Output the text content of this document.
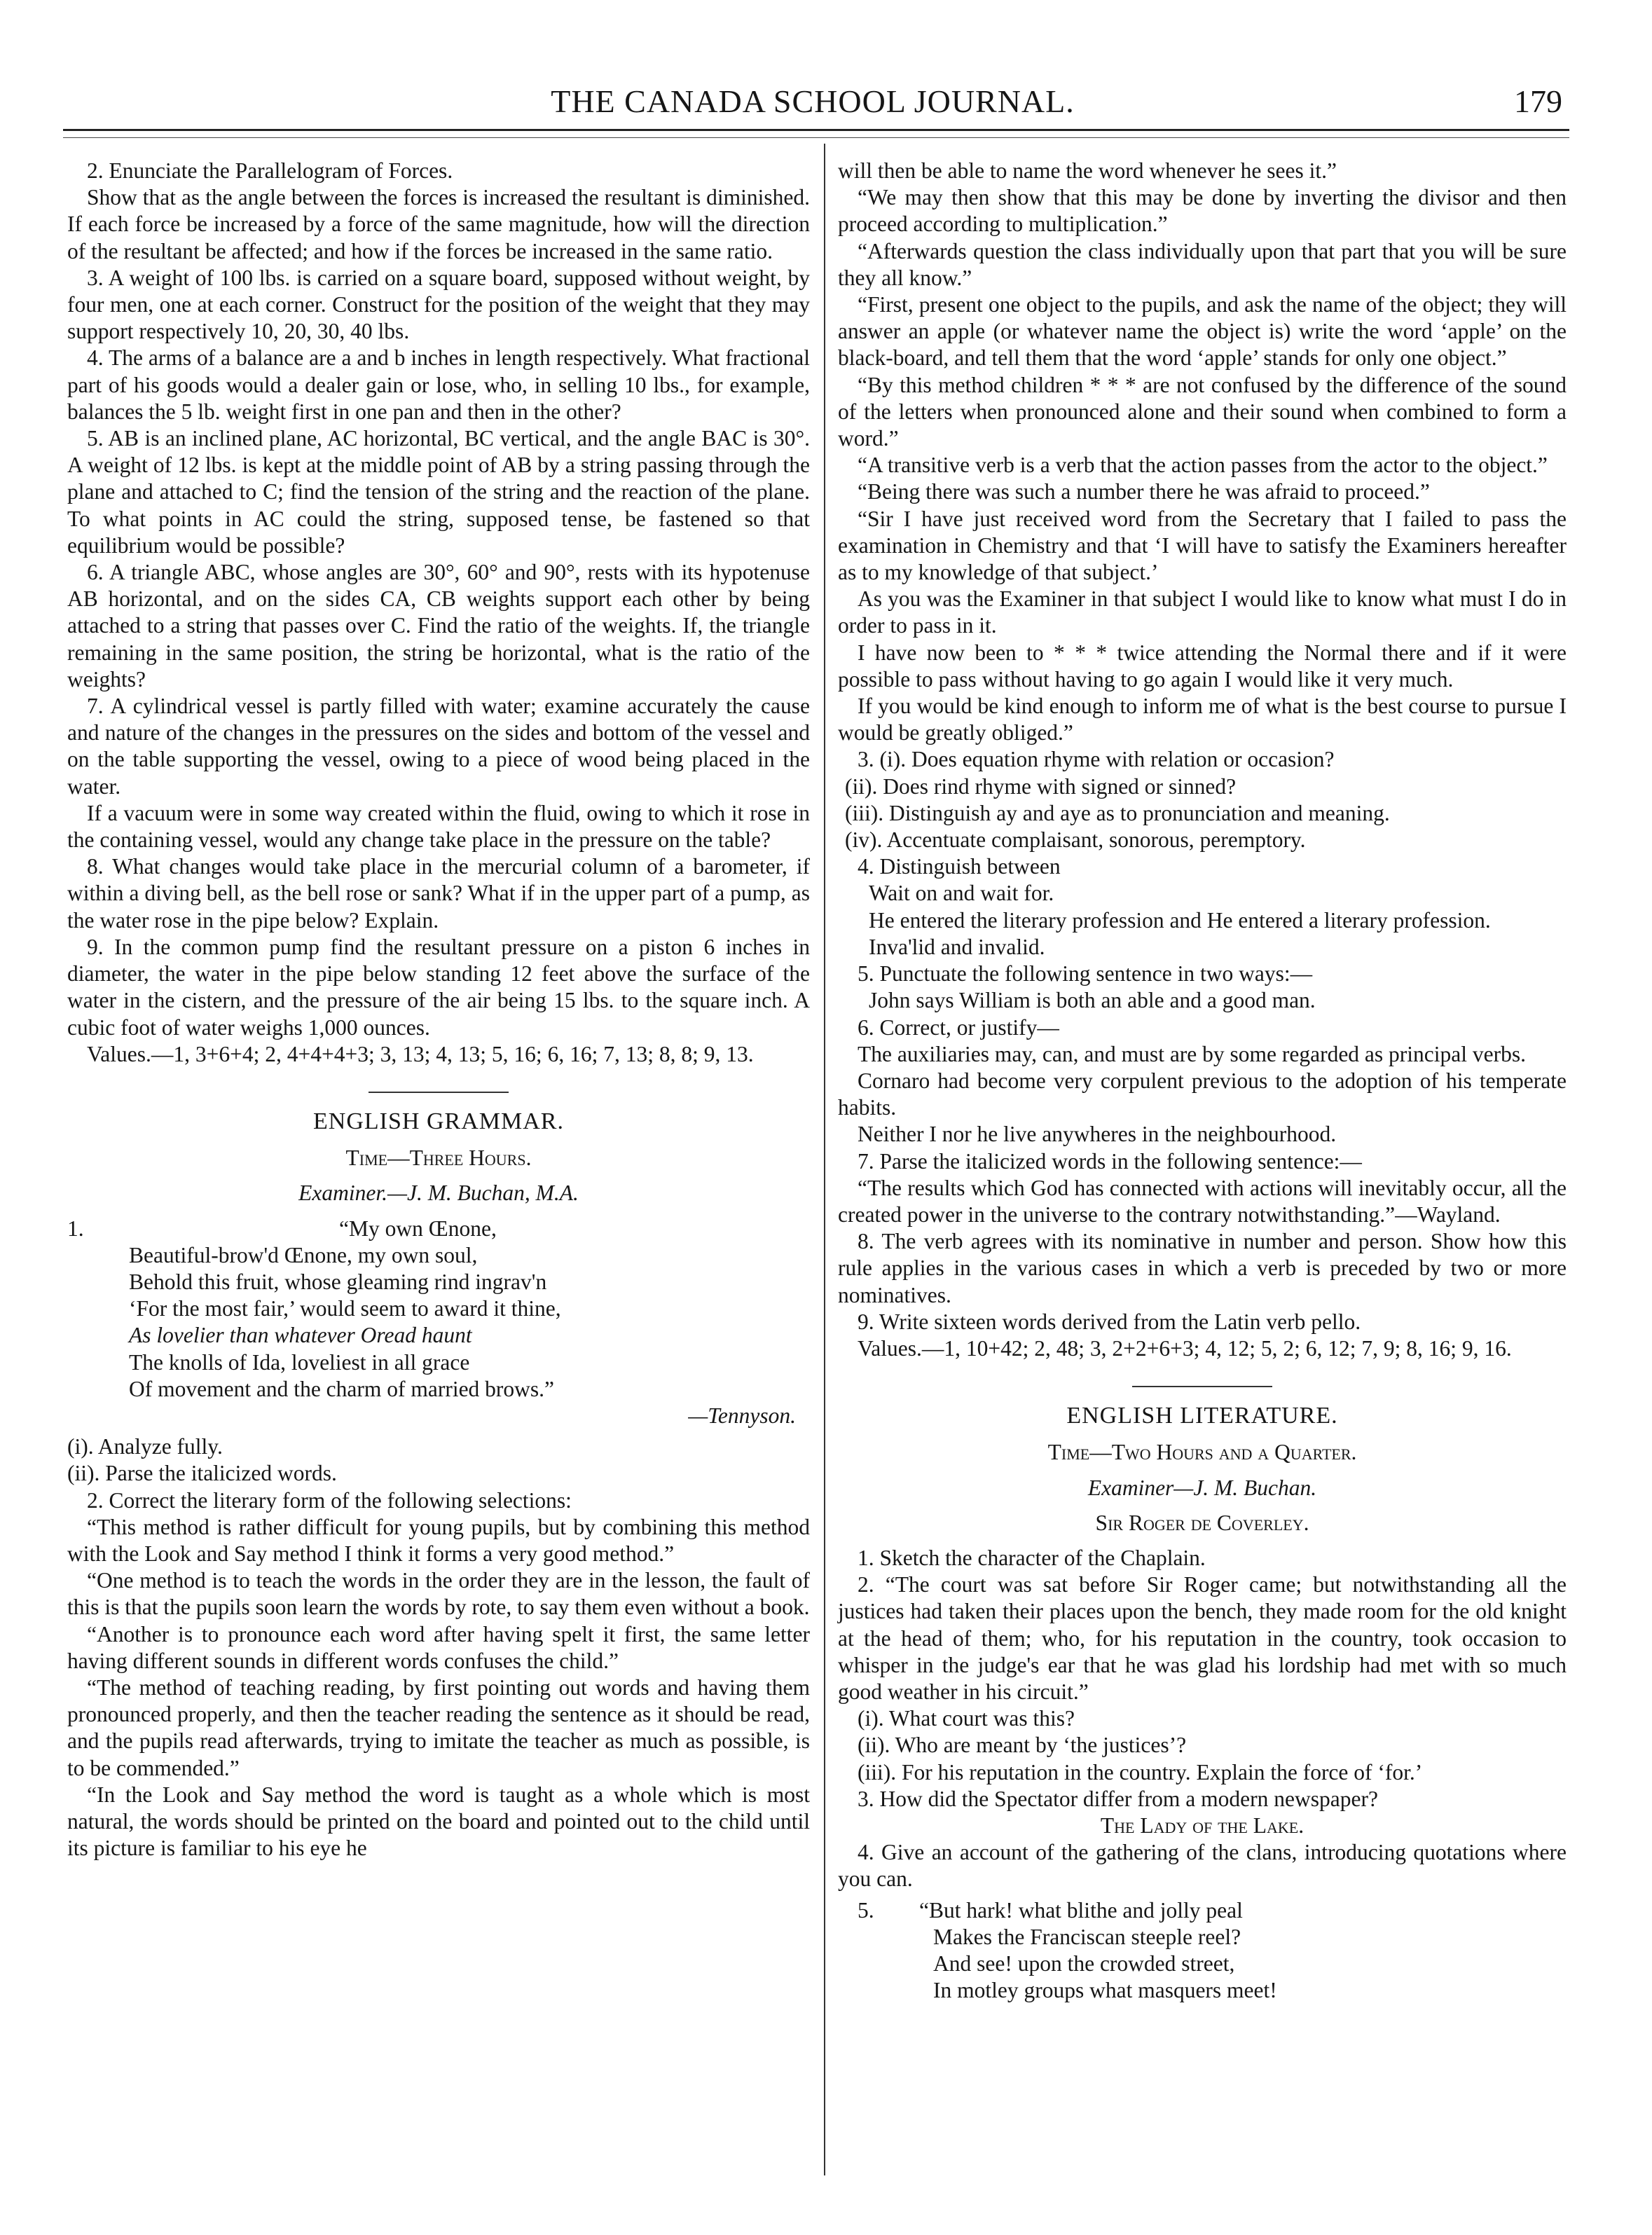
THE CANADA SCHOOL JOURNAL.	179

2. Enunciate the Parallelogram of Forces.

Show that as the angle between the forces is increased the resultant is diminished. If each force be increased by a force of the same magnitude, how will the direction of the resultant be affected; and how if the forces be increased in the same ratio.

3. A weight of 100 lbs. is carried on a square board, supposed without weight, by four men, one at each corner. Construct for the position of the weight that they may support respectively 10, 20, 30, 40 lbs.

4. The arms of a balance are a and b inches in length respectively. What fractional part of his goods would a dealer gain or lose, who, in selling 10 lbs., for example, balances the 5 lb. weight first in one pan and then in the other?

5. AB is an inclined plane, AC horizontal, BC vertical, and the angle BAC is 30°. A weight of 12 lbs. is kept at the middle point of AB by a string passing through the plane and attached to C; find the tension of the string and the reaction of the plane. To what points in AC could the string, supposed tense, be fastened so that equilibrium would be possible?

6. A triangle ABC, whose angles are 30°, 60° and 90°, rests with its hypotenuse AB horizontal, and on the sides CA, CB weights support each other by being attached to a string that passes over C. Find the ratio of the weights. If, the triangle remaining in the same position, the string be horizontal, what is the ratio of the weights?

7. A cylindrical vessel is partly filled with water; examine accurately the cause and nature of the changes in the pressures on the sides and bottom of the vessel and on the table supporting the vessel, owing to a piece of wood being placed in the water.

If a vacuum were in some way created within the fluid, owing to which it rose in the containing vessel, would any change take place in the pressure on the table?

8. What changes would take place in the mercurial column of a barometer, if within a diving bell, as the bell rose or sank? What if in the upper part of a pump, as the water rose in the pipe below? Explain.

9. In the common pump find the resultant pressure on a piston 6 inches in diameter, the water in the pipe below standing 12 feet above the surface of the water in the cistern, and the pressure of the air being 15 lbs. to the square inch. A cubic foot of water weighs 1,000 ounces.

Values.—1, 3+6+4; 2, 4+4+4+3; 3, 13; 4, 13; 5, 16; 6, 16; 7, 13; 8, 8; 9, 13.

ENGLISH GRAMMAR.
Time—Three Hours.
Examiner.—J. M. Buchan, M.A.
1.	“My own Œnone,
Beautiful-brow'd Œnone, my own soul,
Behold this fruit, whose gleaming rind ingrav'n
‘For the most fair,’ would seem to award it thine,
As lovelier than whatever Oread haunt
The knolls of Ida, loveliest in all grace
Of movement and the charm of married brows.”
—Tennyson.

(i). Analyze fully.

(ii). Parse the italicized words.

2. Correct the literary form of the following selections:

“This method is rather difficult for young pupils, but by combining this method with the Look and Say method I think it forms a very good method.”

“One method is to teach the words in the order they are in the lesson, the fault of this is that the pupils soon learn the words by rote, to say them even without a book.

“Another is to pronounce each word after having spelt it first, the same letter having different sounds in different words confuses the child.”

“The method of teaching reading, by first pointing out words and having them pronounced properly, and then the teacher reading the sentence as it should be read, and the pupils read afterwards, trying to imitate the teacher as much as possible, is to be commended.”

“In the Look and Say method the word is taught as a whole which is most natural, the words should be printed on the board and pointed out to the child until its picture is familiar to his eye he

will then be able to name the word whenever he sees it.”

“We may then show that this may be done by inverting the divisor and then proceed according to multiplication.”

“Afterwards question the class individually upon that part that you will be sure they all know.”

“First, present one object to the pupils, and ask the name of the object; they will answer an apple (or whatever name the object is) write the word ‘apple’ on the black-board, and tell them that the word ‘apple’ stands for only one object.”

“By this method children * * * are not confused by the difference of the sound of the letters when pronounced alone and their sound when combined to form a word.”

“A transitive verb is a verb that the action passes from the actor to the object.”

“Being there was such a number there he was afraid to proceed.”

“Sir I have just received word from the Secretary that I failed to pass the examination in Chemistry and that ‘I will have to satisfy the Examiners hereafter as to my knowledge of that subject.’

As you was the Examiner in that subject I would like to know what must I do in order to pass in it.

I have now been to * * * twice attending the Normal there and if it were possible to pass without having to go again I would like it very much.

If you would be kind enough to inform me of what is the best course to pursue I would be greatly obliged.”

3. (i). Does equation rhyme with relation or occasion?

(ii). Does rind rhyme with signed or sinned?

(iii). Distinguish ay and aye as to pronunciation and meaning.

(iv). Accentuate complaisant, sonorous, peremptory.

4. Distinguish between

Wait on and wait for.

He entered the literary profession and He entered a literary profession.

Inva'lid and invalid.

5. Punctuate the following sentence in two ways:—

John says William is both an able and a good man.

6. Correct, or justify—

The auxiliaries may, can, and must are by some regarded as principal verbs.

Cornaro had become very corpulent previous to the adoption of his temperate habits.

Neither I nor he live anywheres in the neighbourhood.

7. Parse the italicized words in the following sentence:—

“The results which God has connected with actions will inevitably occur, all the created power in the universe to the contrary notwithstanding.”—Wayland.

8. The verb agrees with its nominative in number and person. Show how this rule applies in the various cases in which a verb is preceded by two or more nominatives.

9. Write sixteen words derived from the Latin verb pello.

Values.—1, 10+42; 2, 48; 3, 2+2+6+3; 4, 12; 5, 2; 6, 12; 7, 9; 8, 16; 9, 16.

ENGLISH LITERATURE.
Time—Two Hours and a Quarter.
Examiner—J. M. Buchan.
Sir Roger de Coverley.

1. Sketch the character of the Chaplain.

2. “The court was sat before Sir Roger came; but notwithstanding all the justices had taken their places upon the bench, they made room for the old knight at the head of them; who, for his reputation in the country, took occasion to whisper in the judge's ear that he was glad his lordship had met with so much good weather in his circuit.”

(i). What court was this?

(ii). Who are meant by ‘the justices’?

(iii). For his reputation in the country. Explain the force of ‘for.’

3. How did the Spectator differ from a modern newspaper?

The Lady of the Lake.

4. Give an account of the gathering of the clans, introducing quotations where you can.

5. “But hark! what blithe and jolly peal
Makes the Franciscan steeple reel?
And see! upon the crowded street,
In motley groups what masquers meet!
